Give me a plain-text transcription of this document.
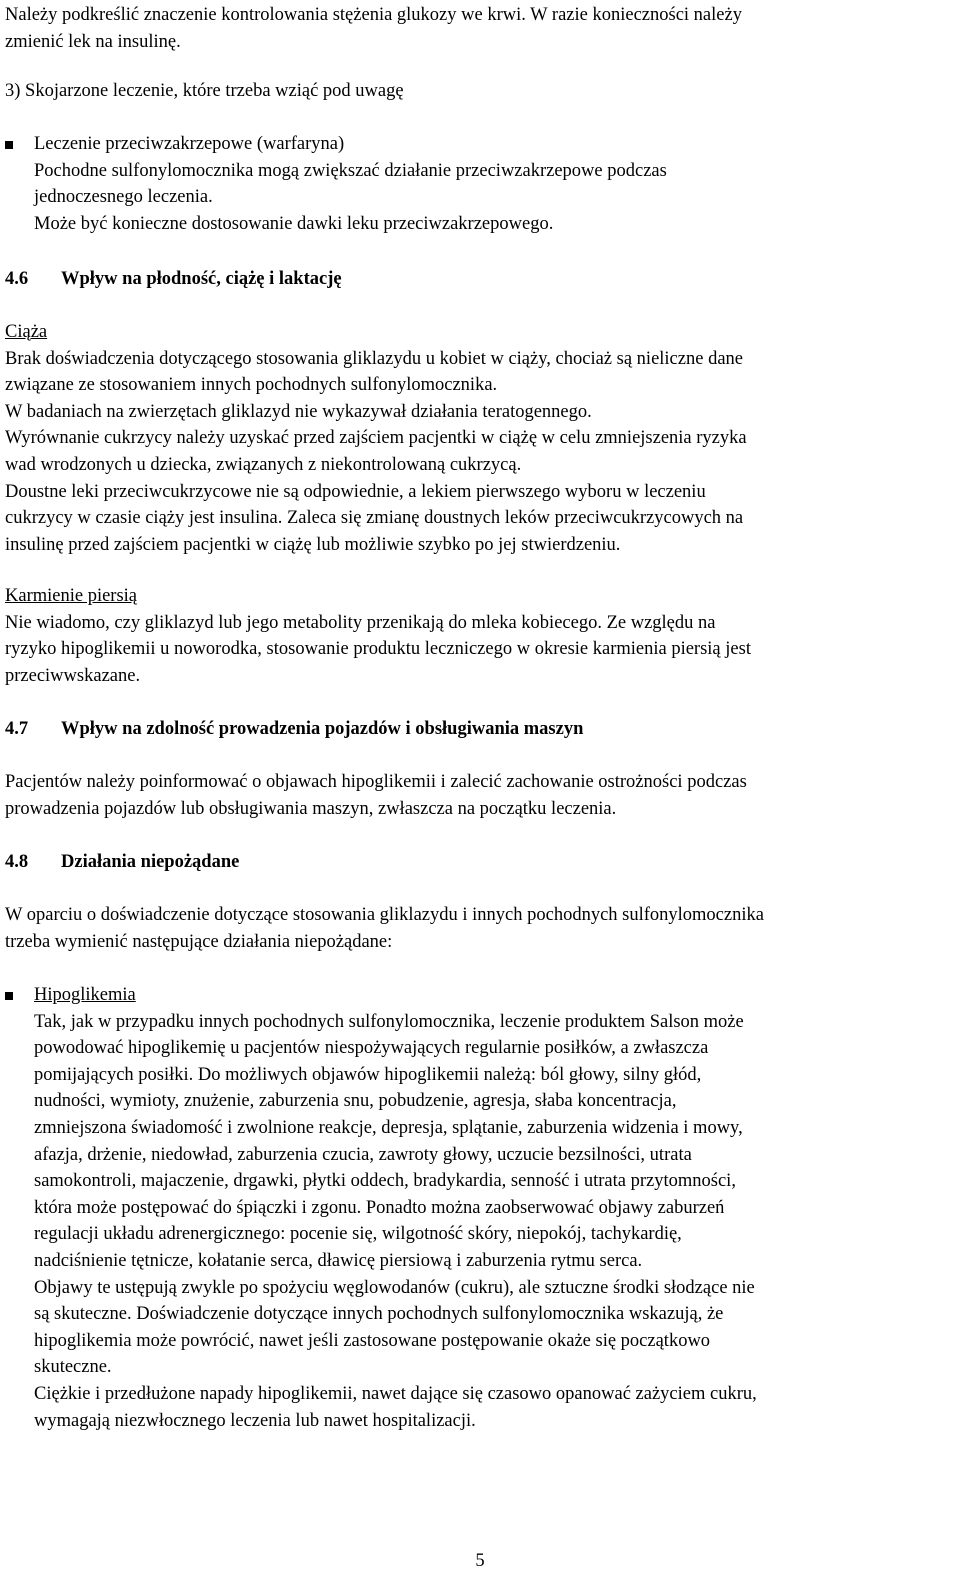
Należy podkreślić znaczenie kontrolowania stężenia glukozy we krwi. W razie konieczności należy
zmienić lek na insulinę.
3) Skojarzone leczenie, które trzeba wziąć pod uwagę
Leczenie przeciwzakrzepowe (warfaryna)
Pochodne sulfonylomocznika mogą zwiększać działanie przeciwzakrzepowe podczas
jednoczesnego leczenia.
Może być konieczne dostosowanie dawki leku przeciwzakrzepowego.
4.6 Wpływ na płodność, ciążę i laktację
Ciąża
Brak doświadczenia dotyczącego stosowania gliklazydu u kobiet w ciąży, chociaż są nieliczne dane
związane ze stosowaniem innych pochodnych sulfonylomocznika.
W badaniach na zwierzętach gliklazyd nie wykazywał działania teratogennego.
Wyrównanie cukrzycy należy uzyskać przed zajściem pacjentki w ciążę w celu zmniejszenia ryzyka
wad wrodzonych u dziecka, związanych z niekontrolowaną cukrzycą.
Doustne leki przeciwcukrzycowe nie są odpowiednie, a lekiem pierwszego wyboru w leczeniu
cukrzycy w czasie ciąży jest insulina. Zaleca się zmianę doustnych leków przeciwcukrzycowych na
insulinę przed zajściem pacjentki w ciążę lub możliwie szybko po jej stwierdzeniu.
Karmienie piersią
Nie wiadomo, czy gliklazyd lub jego metabolity przenikają do mleka kobiecego. Ze względu na
ryzyko hipoglikemii u noworodka, stosowanie produktu leczniczego w okresie karmienia piersią jest
przeciwwskazane.
4.7 Wpływ na zdolność prowadzenia pojazdów i obsługiwania maszyn
Pacjentów należy poinformować o objawach hipoglikemii i zalecić zachowanie ostrożności podczas
prowadzenia pojazdów lub obsługiwania maszyn, zwłaszcza na początku leczenia.
4.8 Działania niepożądane
W oparciu o doświadczenie dotyczące stosowania gliklazydu i innych pochodnych sulfonylomocznika
trzeba wymienić następujące działania niepożądane:
Hipoglikemia
Tak, jak w przypadku innych pochodnych sulfonylomocznika, leczenie produktem Salson może
powodować hipoglikemię u pacjentów niespożywających regularnie posiłków, a zwłaszcza
pomijających posiłki. Do możliwych objawów hipoglikemii należą: ból głowy, silny głód,
nudności, wymioty, znużenie, zaburzenia snu, pobudzenie, agresja, słaba koncentracja,
zmniejszona świadomość i zwolnione reakcje, depresja, splątanie, zaburzenia widzenia i mowy,
afazja, drżenie, niedowład, zaburzenia czucia, zawroty głowy, uczucie bezsilności, utrata
samokontroli, majaczenie, drgawki, płytki oddech, bradykardia, senność i utrata przytomności,
która może postępować do śpiączki i zgonu. Ponadto można zaobserwować objawy zaburzeń
regulacji układu adrenergicznego: pocenie się, wilgotność skóry, niepokój, tachykardię,
nadciśnienie tętnicze, kołatanie serca, dławicę piersiową i zaburzenia rytmu serca.
Objawy te ustępują zwykle po spożyciu węglowodanów (cukru), ale sztuczne środki słodzące nie
są skuteczne. Doświadczenie dotyczące innych pochodnych sulfonylomocznika wskazują, że
hipoglikemia może powrócić, nawet jeśli zastosowane postępowanie okaże się początkowo
skuteczne.
Ciężkie i przedłużone napady hipoglikemii, nawet dające się czasowo opanować zażyciem cukru,
wymagają niezwłocznego leczenia lub nawet hospitalizacji.
5
